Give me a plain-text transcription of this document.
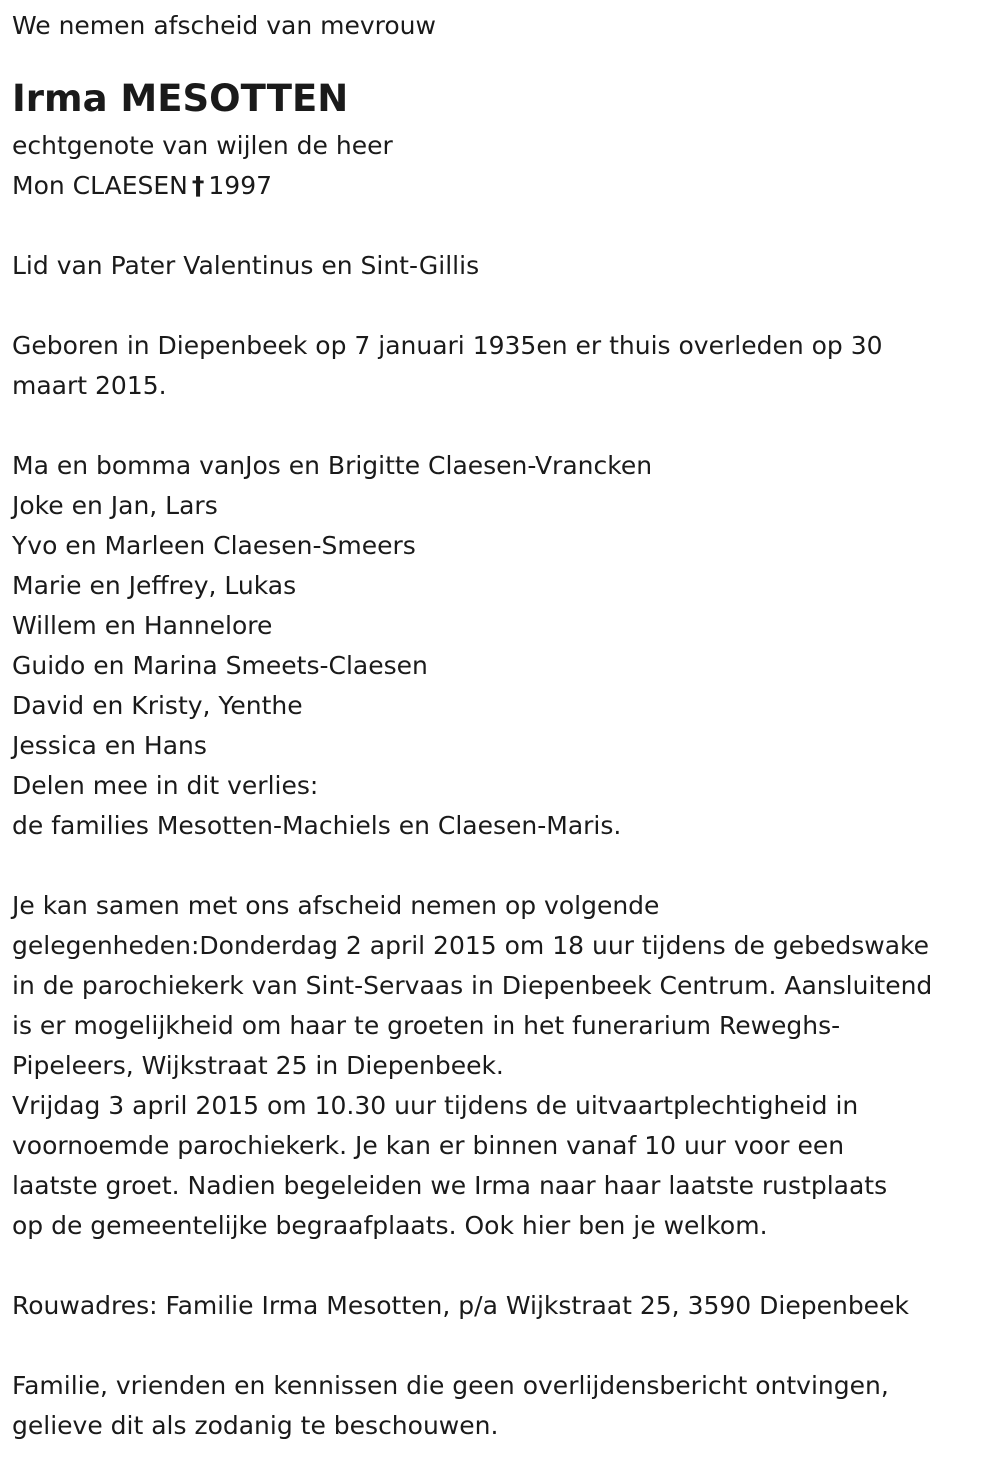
We nemen afscheid van mevrouw

Irma MESOTTEN

echtgenote van wijlen de heer

Mon CLAESEN † 1997

Lid van Pater Valentinus en Sint-Gillis

Geboren in Diepenbeek op 7 januari 1935en er thuis overleden op 30

maart 2015.

Ma en bomma vanJos en Brigitte Claesen-Vrancken

Joke en Jan, Lars

Yvo en Marleen Claesen-Smeers

Marie en Jeffrey, Lukas

Willem en Hannelore

Guido en Marina Smeets-Claesen

David en Kristy, Yenthe

Jessica en Hans

Delen mee in dit verlies:

de families Mesotten-Machiels en Claesen-Maris.

Je kan samen met ons afscheid nemen op volgende

gelegenheden:Donderdag 2 april 2015 om 18 uur tijdens de gebedswake

in de parochiekerk van Sint-Servaas in Diepenbeek Centrum. Aansluitend

is er mogelijkheid om haar te groeten in het funerarium Reweghs-

Pipeleers, Wijkstraat 25 in Diepenbeek.

Vrijdag 3 april 2015 om 10.30 uur tijdens de uitvaartplechtigheid in

voornoemde parochiekerk. Je kan er binnen vanaf 10 uur voor een

laatste groet. Nadien begeleiden we Irma naar haar laatste rustplaats

op de gemeentelijke begraafplaats. Ook hier ben je welkom.

Rouwadres: Familie Irma Mesotten, p/a Wijkstraat 25, 3590 Diepenbeek

Familie, vrienden en kennissen die geen overlijdensbericht ontvingen,

gelieve dit als zodanig te beschouwen.
